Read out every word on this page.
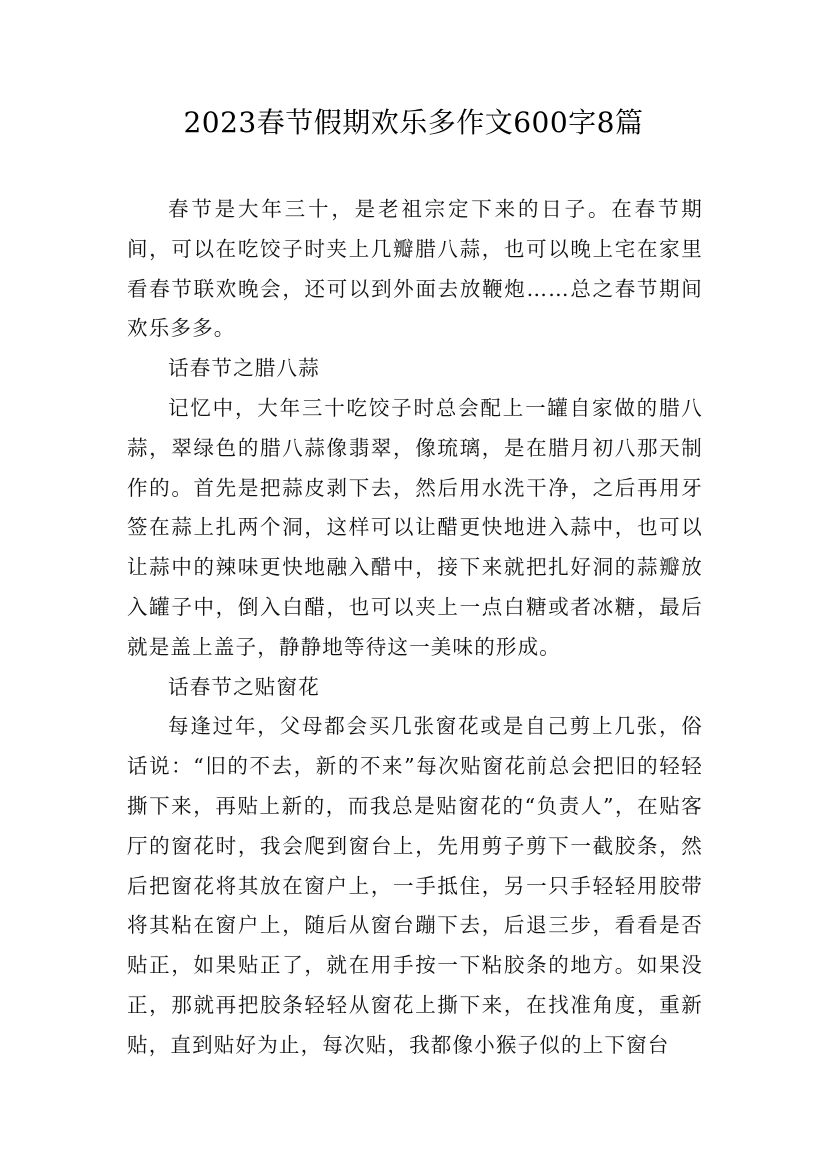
2023春节假期欢乐多作文600字8篇

春节是大年三十，是老祖宗定下来的日子。在春节期间，可以在吃饺子时夹上几瓣腊八蒜，也可以晚上宅在家里看春节联欢晚会，还可以到外面去放鞭炮……总之春节期间欢乐多多。

话春节之腊八蒜

记忆中，大年三十吃饺子时总会配上一罐自家做的腊八蒜，翠绿色的腊八蒜像翡翠，像琉璃，是在腊月初八那天制作的。首先是把蒜皮剥下去，然后用水洗干净，之后再用牙签在蒜上扎两个洞，这样可以让醋更快地进入蒜中，也可以让蒜中的辣味更快地融入醋中，接下来就把扎好洞的蒜瓣放入罐子中，倒入白醋，也可以夹上一点白糖或者冰糖，最后就是盖上盖子，静静地等待这一美味的形成。

话春节之贴窗花

每逢过年，父母都会买几张窗花或是自己剪上几张，俗话说：“旧的不去，新的不来”每次贴窗花前总会把旧的轻轻撕下来，再贴上新的，而我总是贴窗花的“负责人”，在贴客厅的窗花时，我会爬到窗台上，先用剪子剪下一截胶条，然后把窗花将其放在窗户上，一手抵住，另一只手轻轻用胶带将其粘在窗户上，随后从窗台蹦下去，后退三步，看看是否贴正，如果贴正了，就在用手按一下粘胶条的地方。如果没正，那就再把胶条轻轻从窗花上撕下来，在找准角度，重新贴，直到贴好为止，每次贴，我都像小猴子似的上下窗台
